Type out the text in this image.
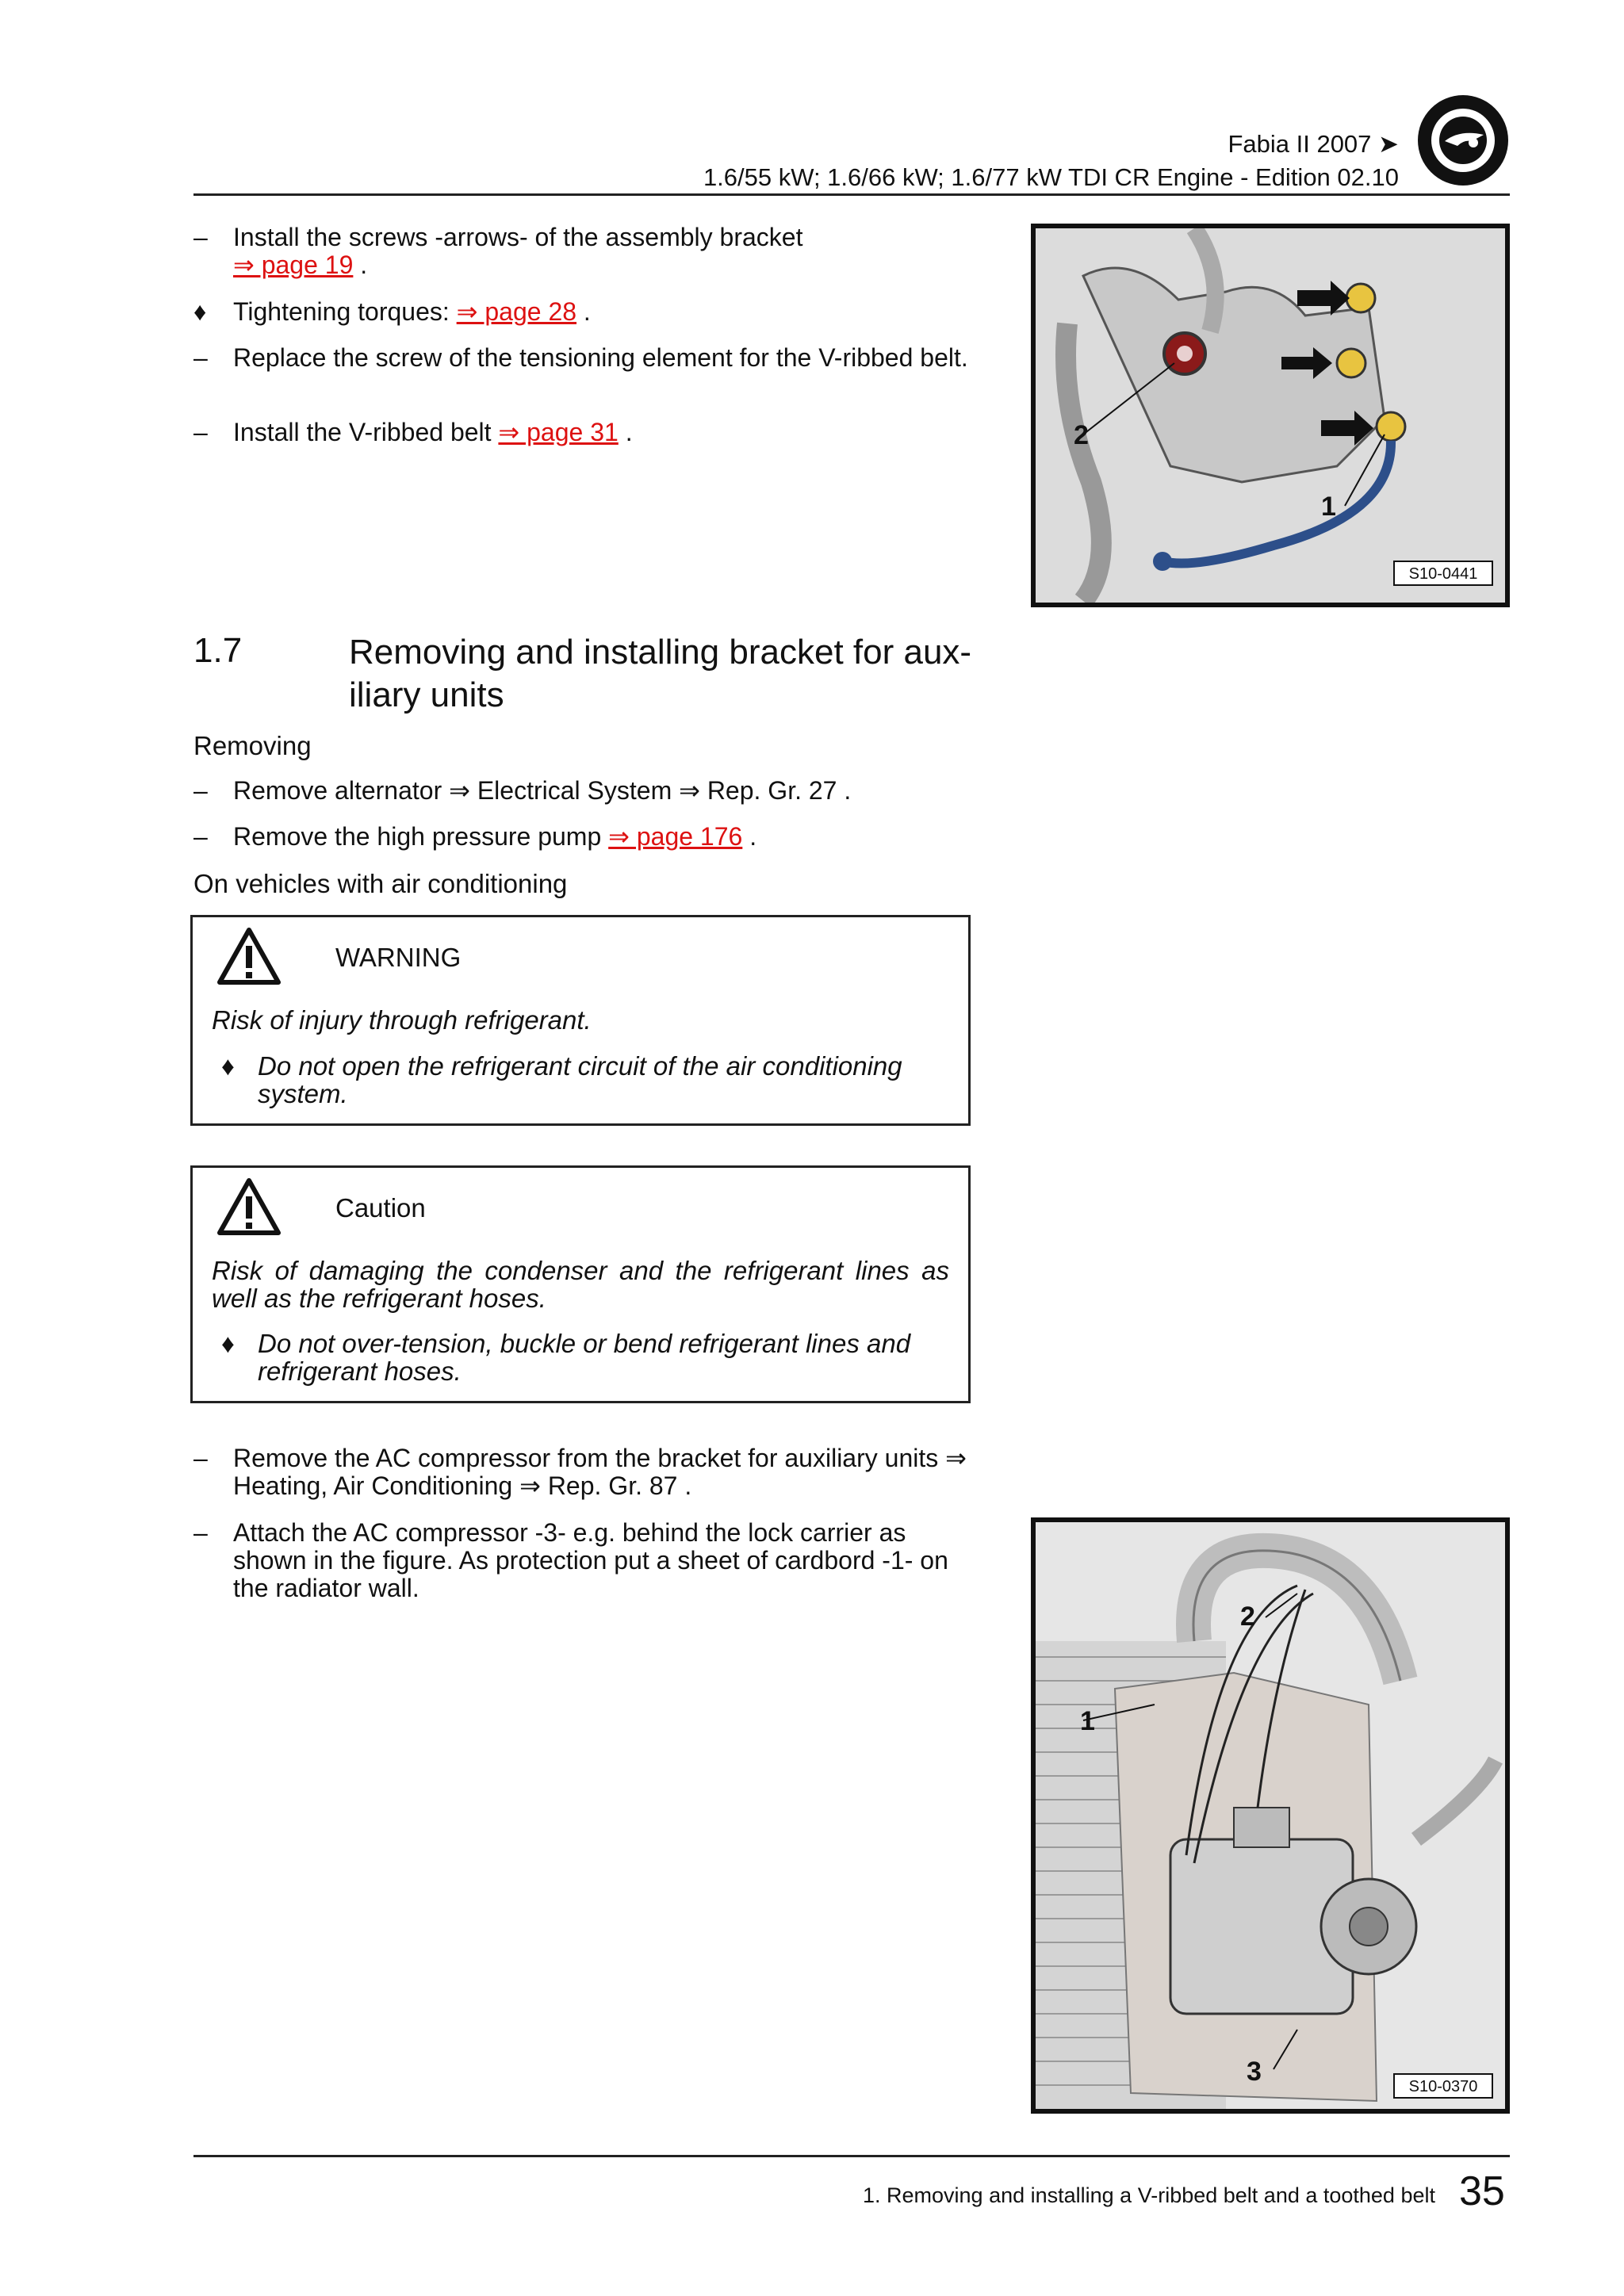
Fabia II 2007 ➤
1.6/55 kW; 1.6/66 kW; 1.6/77 kW TDI CR Engine - Edition 02.10
–	Install the screws -arrows- of the assembly bracket
⇒ page 19 .
♦	Tightening torques: ⇒ page 28 .
–	Replace the screw of the tensioning element for the V-ribbed belt.
–	Install the V-ribbed belt ⇒ page 31 .	2
1
S10-0441
1.7	Removing and installing bracket for aux-
iliary units
Removing
–	Remove alternator ⇒ Electrical System ⇒ Rep. Gr. 27 .
–	Remove the high pressure pump ⇒ page 176 .
On vehicles with air conditioning
WARNING
Risk of injury through refrigerant.
♦ Do not open the refrigerant circuit of the air conditioning system.
Caution
Risk of damaging the condenser and the refrigerant lines as well as the refrigerant hoses.
♦ Do not over-tension, buckle or bend refrigerant lines and refrigerant hoses.
–	Remove the AC compressor from the bracket for auxiliary units ⇒ Heating, Air Conditioning ⇒ Rep. Gr. 87 .
–	Attach the AC compressor -3- e.g. behind the lock carrier as shown in the figure. As protection put a sheet of cardbord -1- on the radiator wall.
1
2
3	S10-0370
1. Removing and installing a V-ribbed belt and a toothed belt 35
